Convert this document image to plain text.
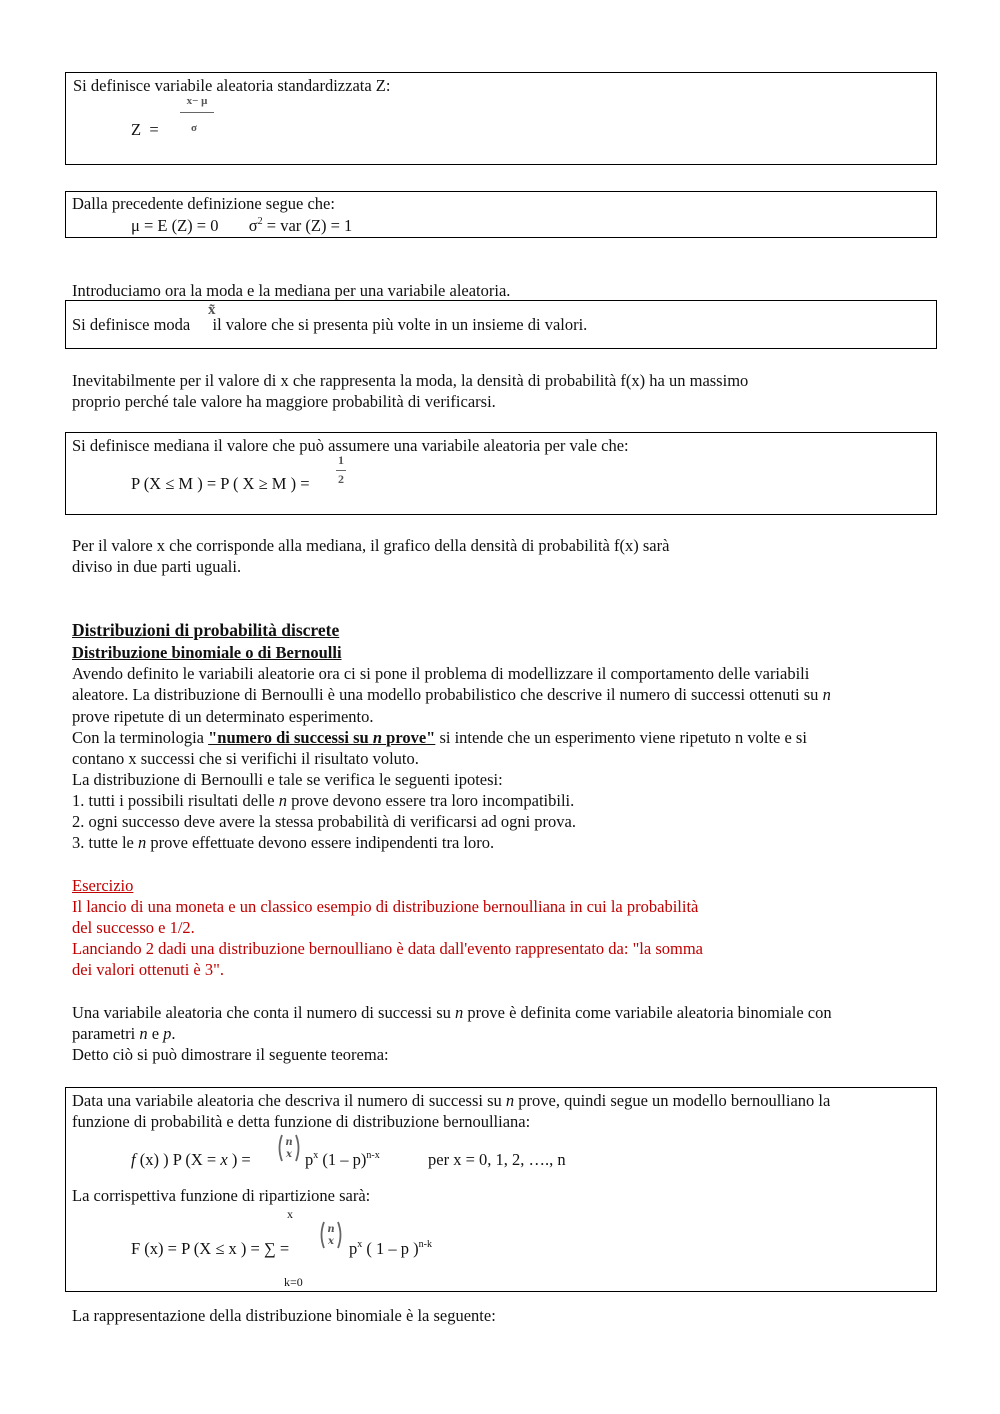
Si definisce variabile aleatoria standardizzata Z:
x− μ
σ
Z  =
Dalla precedente definizione segue che:
μ = E (Z) = 0 $\sigma^2$ = var (Z) = 1
Introduciamo ora la moda e la mediana per una variabile aleatoria.
Si definisce moda il valore che si presenta più volte in un insieme di valori.
x̃
Inevitabilmente per il valore di x che rappresenta la moda, la densità di probabilità f(x) ha un massimo
proprio perché tale valore ha maggiore probabilità di verificarsi.
Si definisce mediana il valore che può assumere una variabile aleatoria per vale che:
P (X ≤ M ) = P ( X ≥ M ) =
1
2
Per il valore x che corrisponde alla mediana, il grafico della densità di probabilità f(x) sarà
diviso in due parti uguali.
Distribuzioni di probabilità discrete
Distribuzione binomiale o di Bernoulli
Avendo definito le variabili aleatorie ora ci si pone il problema di modellizzare il comportamento delle variabili
aleatore. La distribuzione di Bernoulli è una modello probabilistico che descrive il numero di successi ottenuti su n
prove ripetute di un determinato esperimento.
Con la terminologia "numero di successi su n prove" si intende che un esperimento viene ripetuto n volte e si
contano x successi che si verifichi il risultato voluto.
La distribuzione di Bernoulli e tale se verifica le seguenti ipotesi:
1. tutti i possibili risultati delle n prove devono essere tra loro incompatibili.
2. ogni successo deve avere la stessa probabilità di verificarsi ad ogni prova.
3. tutte le n prove effettuate devono essere indipendenti tra loro.
Esercizio
Il lancio di una moneta e un classico esempio di distribuzione bernoulliana in cui la probabilità
del successo e 1/2.
Lanciando 2 dadi una distribuzione bernoulliano è data dall'evento rappresentato da: "la somma
dei valori ottenuti è 3".
Una variabile aleatoria che conta il numero di successi su n prove è definita come variabile aleatoria binomiale con
parametri n e p.
Detto ciò si può dimostrare il seguente teorema:
Data una variabile aleatoria che descriva il numero di successi su n prove, quindi segue un modello bernoulliano la
funzione di probabilità e detta funzione di distribuzione bernoulliana:
f (x) ) P (X = x ) =
n
x $p^x$ (1 – p)$^{n-x}$	per x = 0, 1, 2, …., n
La corrispettiva funzione di ripartizione sarà:
x
F (x) = P (X ≤ x ) = ∑ =
n
x $p^x$ ( 1 – p )$^{n-k}$
k=0
La rappresentazione della distribuzione binomiale è la seguente:
